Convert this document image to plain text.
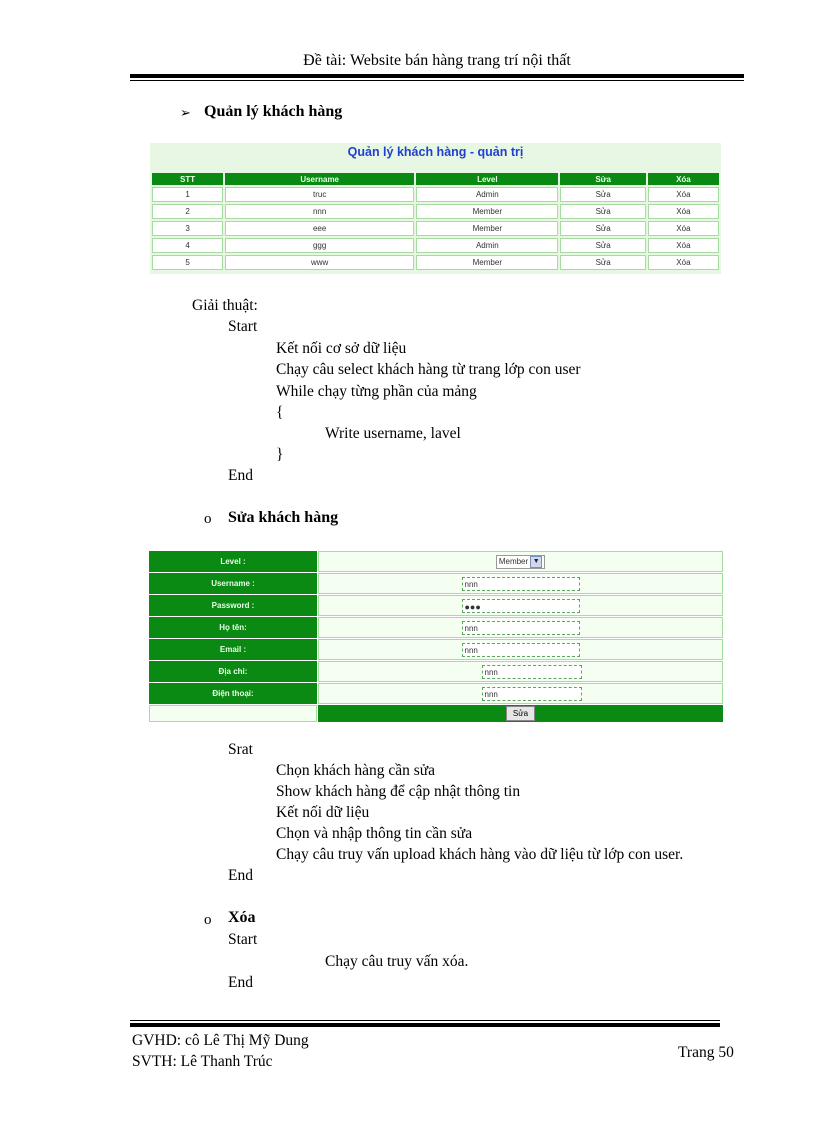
Đề tài: Website bán hàng trang trí nội thất
➢ Quản lý khách hàng
Quản lý khách hàng - quản trị
STT	Username	Level	Sửa	Xóa
1	truc	Admin	Sửa	Xóa
2	nnn	Member	Sửa	Xóa
3	eee	Member	Sửa	Xóa
4	ggg	Admin	Sửa	Xóa
5	www	Member	Sửa	Xóa
Giải thuật:
Start
Kết nối cơ sở dữ liệu
Chạy câu select khách hàng từ trang lớp con user
While chạy từng phần của mảng
{
Write username, lavel
}
End
o Sửa khách hàng
Level :	Member ▼
Username :	nnn
Password :	●●●
Họ tên:	nnn
Email :	nnn
Địa chỉ:	nnn
Điện thoại:	nnn
	Sửa
Srat
Chọn khách hàng cần sửa
Show khách hàng để cập nhật thông tin
Kết nối dữ liệu
Chọn và nhập thông tin cần sửa
Chạy câu truy vấn upload khách hàng vào dữ liệu từ lớp con user.
End
o Xóa
Start
Chạy câu truy vấn xóa.
End
GVHD: cô Lê Thị Mỹ Dung
SVTH: Lê Thanh Trúc
Trang 50
